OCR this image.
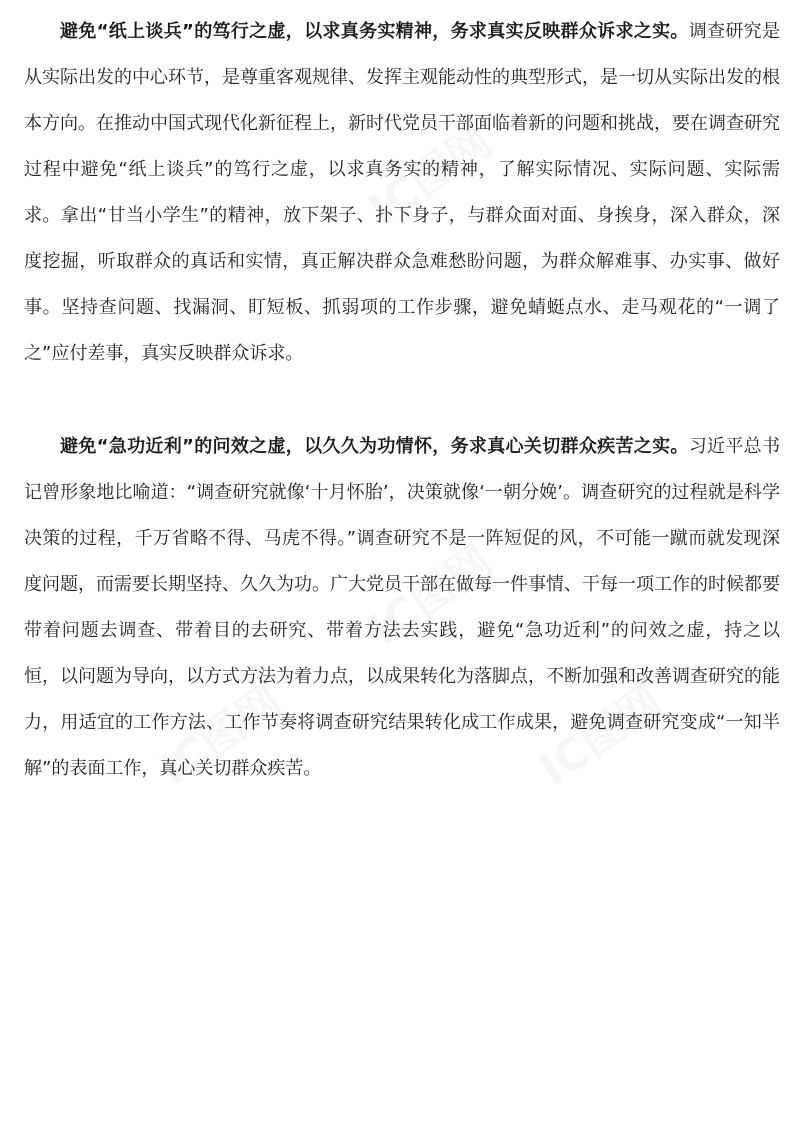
避免“纸上谈兵”的笃行之虚，以求真务实精神，务求真实反映群众诉求之实。调查研究是从实际出发的中心环节，是尊重客观规律、发挥主观能动性的典型形式，是一切从实际出发的根本方向。在推动中国式现代化新征程上，新时代党员干部面临着新的问题和挑战，要在调查研究过程中避免“纸上谈兵”的笃行之虚，以求真务实的精神，了解实际情况、实际问题、实际需求。拿出“甘当小学生”的精神，放下架子、扑下身子，与群众面对面、身挨身，深入群众，深度挖掘，听取群众的真话和实情，真正解决群众急难愁盼问题，为群众解难事、办实事、做好事。坚持查问题、找漏洞、盯短板、抓弱项的工作步骤，避免蜻蜓点水、走马观花的“一调了之”应付差事，真实反映群众诉求。

避免“急功近利”的问效之虚，以久久为功情怀，务求真心关切群众疾苦之实。习近平总书记曾形象地比喻道：“调查研究就像‘十月怀胎’，决策就像‘一朝分娩’。调查研究的过程就是科学决策的过程，千万省略不得、马虎不得。”调查研究不是一阵短促的风，不可能一蹴而就发现深度问题，而需要长期坚持、久久为功。广大党员干部在做每一件事情、干每一项工作的时候都要带着问题去调查、带着目的去研究、带着方法去实践，避免“急功近利”的问效之虚，持之以恒，以问题为导向，以方式方法为着力点，以成果转化为落脚点，不断加强和改善调查研究的能力，用适宜的工作方法、工作节奏将调查研究结果转化成工作成果，避免调查研究变成“一知半解”的表面工作，真心关切群众疾苦。
